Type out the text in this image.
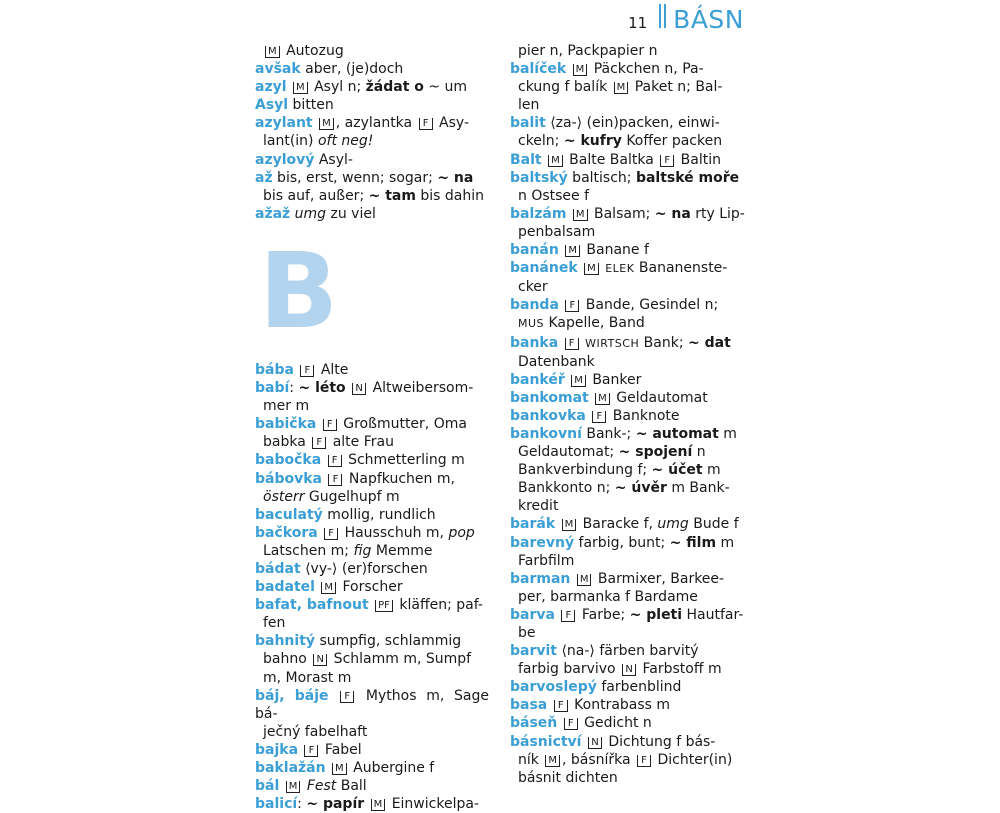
11 BÁSN
M Autozug
avšak aber, (je)doch
azyl M Asyl n; žádat o ~ um
Asyl bitten
azylant M , azylantka F Asy-
lant(in) oft neg!
azylový Asyl-
až bis, erst, wenn; sogar; ~ na
bis auf, außer; ~ tam bis dahin
ažaž umg zu viel
B
bába F Alte
babí: ~ léto N Altweibersom-
mer m
babička F Großmutter, Oma
babka F alte Frau
babočka F Schmetterling m
bábovka F Napfkuchen m,
österr Gugelhupf m
baculatý mollig, rundlich
bačkora F Hausschuh m, pop
Latschen m; fig Memme
bádat ⟨vy-⟩ (er)forschen
badatel M Forscher
bafat, bafnout PF kläffen; paf-
fen
bahnitý sumpfig, schlammig
bahno N Schlamm m, Sumpf
m, Morast m
báj, báje F Mythos m, Sage bá-
ječný fabelhaft
bajka F Fabel
baklažán M Aubergine f
bál M Fest Ball
balicí: ~ papír M Einwickelpa-
pier n, Packpapier n
balíček M Päckchen n, Pa-
ckung f balík M Paket n; Bal-
len
balit ⟨za-⟩ (ein)packen, einwi-
ckeln; ~ kufry Koffer packen
Balt M Balte Baltka F Baltin
baltský baltisch; baltské moře
n Ostsee f
balzám M Balsam; ~ na rty Lip-
penbalsam
banán M Banane f
banánek M ELEK Bananenste-
cker
banda F Bande, Gesindel n;
MUS Kapelle, Band
banka F WIRTSCH Bank; ~ dat
Datenbank
bankéř M Banker
bankomat M Geldautomat
bankovka F Banknote
bankovní Bank-; ~ automat m
Geldautomat; ~ spojení n
Bankverbindung f; ~ účet m
Bankkonto n; ~ úvěr m Bank-
kredit
barák M Baracke f, umg Bude f
barevný farbig, bunt; ~ film m
Farbfilm
barman M Barmixer, Barkee-
per, barmanka f Bardame
barva F Farbe; ~ pleti Hautfar-
be
barvit ⟨na-⟩ färben barvitý
farbig barvivo N Farbstoff m
barvoslepý farbenblind
basa F Kontrabass m
báseň F Gedicht n
básnictví N Dichtung f bás-
ník M , básnířka F Dichter(in)
básnit dichten
